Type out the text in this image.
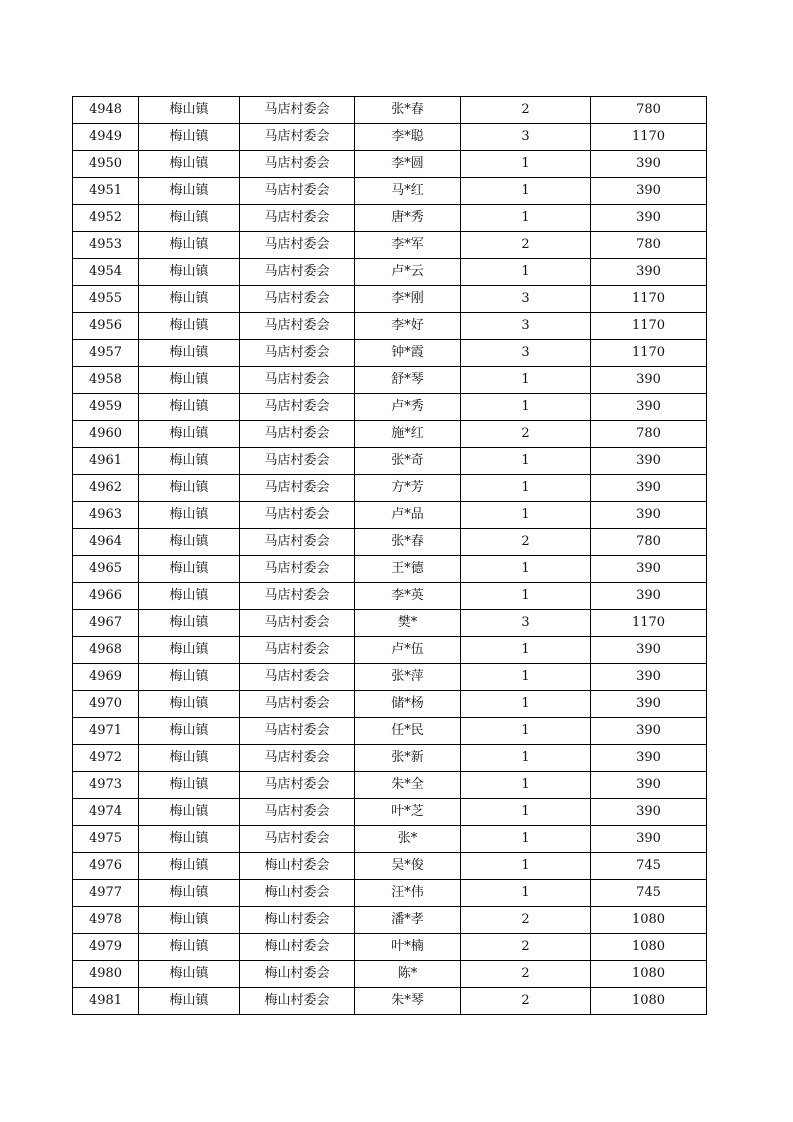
4948	梅山镇	马店村委会	张*春	2	780
4949	梅山镇	马店村委会	李*聪	3	1170
4950	梅山镇	马店村委会	李*圆	1	390
4951	梅山镇	马店村委会	马*红	1	390
4952	梅山镇	马店村委会	唐*秀	1	390
4953	梅山镇	马店村委会	李*军	2	780
4954	梅山镇	马店村委会	卢*云	1	390
4955	梅山镇	马店村委会	李*刚	3	1170
4956	梅山镇	马店村委会	李*好	3	1170
4957	梅山镇	马店村委会	钟*霞	3	1170
4958	梅山镇	马店村委会	舒*琴	1	390
4959	梅山镇	马店村委会	卢*秀	1	390
4960	梅山镇	马店村委会	施*红	2	780
4961	梅山镇	马店村委会	张*奇	1	390
4962	梅山镇	马店村委会	方*芳	1	390
4963	梅山镇	马店村委会	卢*品	1	390
4964	梅山镇	马店村委会	张*春	2	780
4965	梅山镇	马店村委会	王*德	1	390
4966	梅山镇	马店村委会	李*英	1	390
4967	梅山镇	马店村委会	樊*	3	1170
4968	梅山镇	马店村委会	卢*伍	1	390
4969	梅山镇	马店村委会	张*萍	1	390
4970	梅山镇	马店村委会	储*杨	1	390
4971	梅山镇	马店村委会	任*民	1	390
4972	梅山镇	马店村委会	张*新	1	390
4973	梅山镇	马店村委会	朱*全	1	390
4974	梅山镇	马店村委会	叶*芝	1	390
4975	梅山镇	马店村委会	张*	1	390
4976	梅山镇	梅山村委会	吴*俊	1	745
4977	梅山镇	梅山村委会	汪*伟	1	745
4978	梅山镇	梅山村委会	潘*孝	2	1080
4979	梅山镇	梅山村委会	叶*楠	2	1080
4980	梅山镇	梅山村委会	陈*	2	1080
4981	梅山镇	梅山村委会	朱*琴	2	1080
